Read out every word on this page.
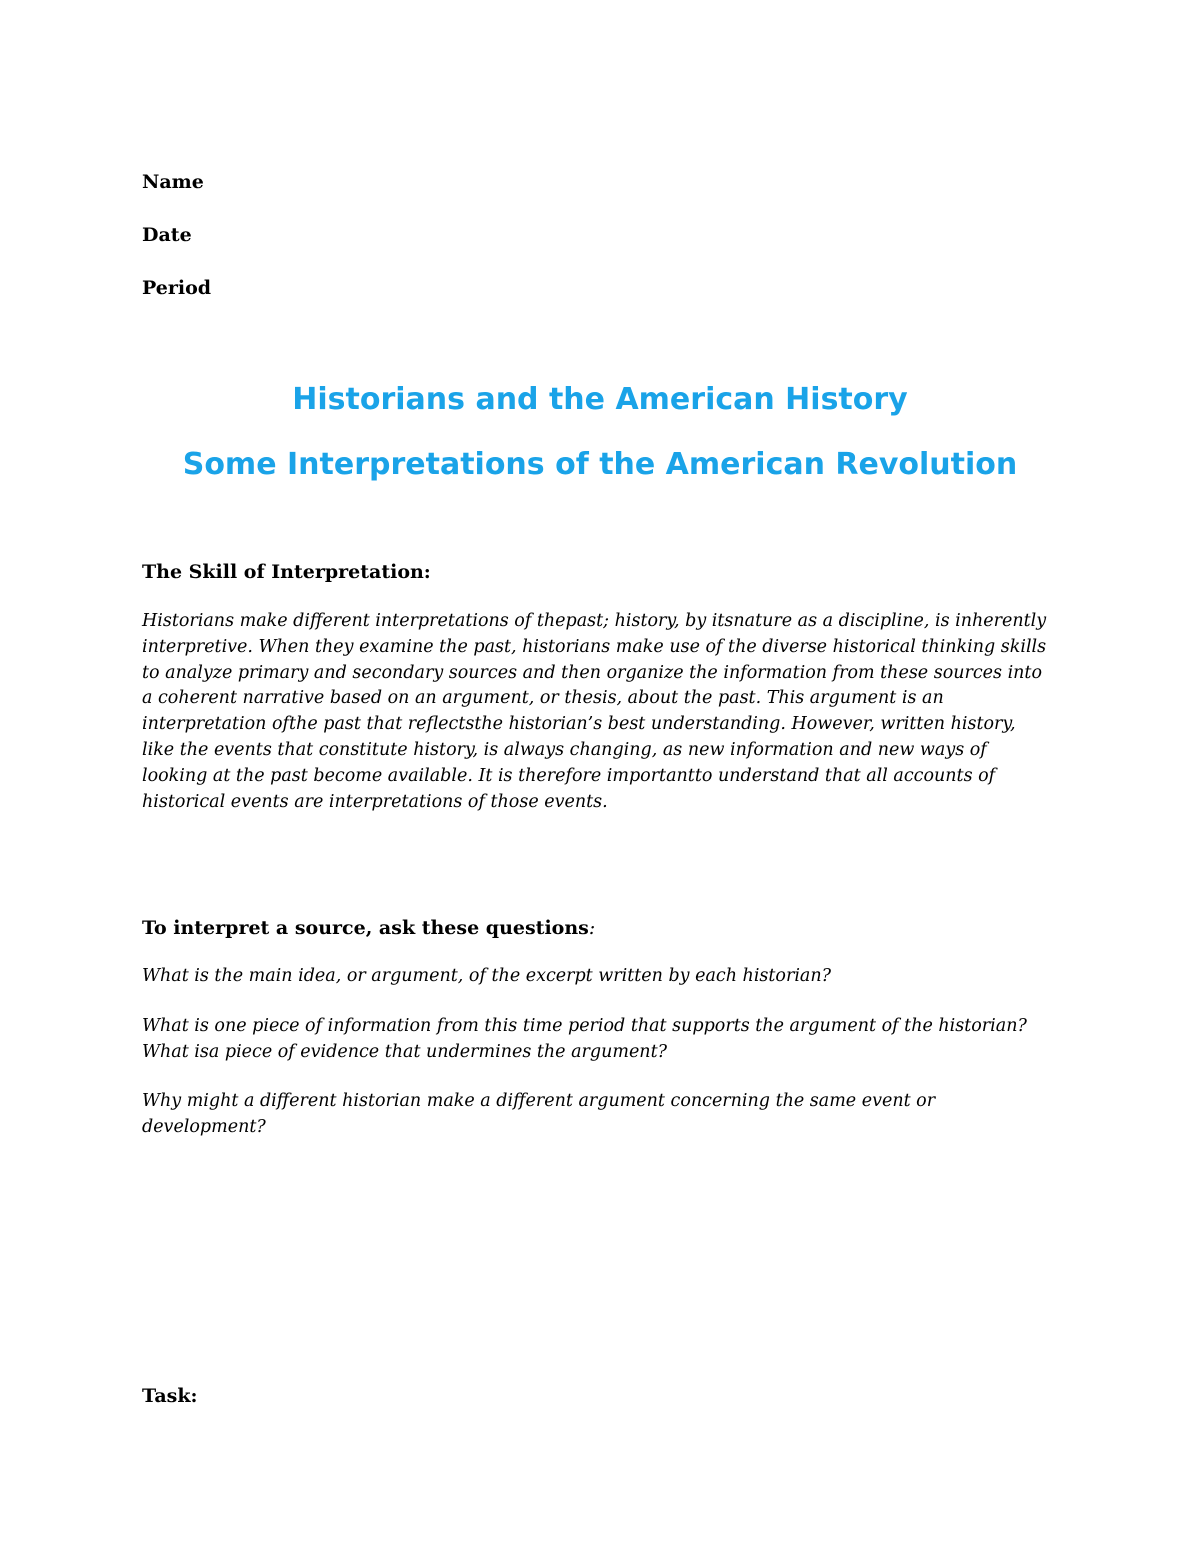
Name
Date
Period
Historians and the American History
Some Interpretations of the American Revolution
The Skill of Interpretation:

Historians make different interpretations of thepast; history, by itsnature as a discipline, is inherently interpretive. When they examine the past, historians make use of the diverse historical thinking skills to analyze primary and secondary sources and then organize the information from these sources into a coherent narrative based on an argument, or thesis, about the past. This argument is an interpretation ofthe past that reflectsthe historian’s best understanding. However, written history, like the events that constitute history, is always changing, as new information and new ways of looking at the past become available. It is therefore importantto understand that all accounts of historical events are interpretations of those events.

To interpret a source, ask these questions:

What is the main idea, or argument, of the excerpt written by each historian?

What is one piece of information from this time period that supports the argument of the historian? What isa piece of evidence that undermines the argument?

Why might a different historian make a different argument concerning the same event or development?

Task:
